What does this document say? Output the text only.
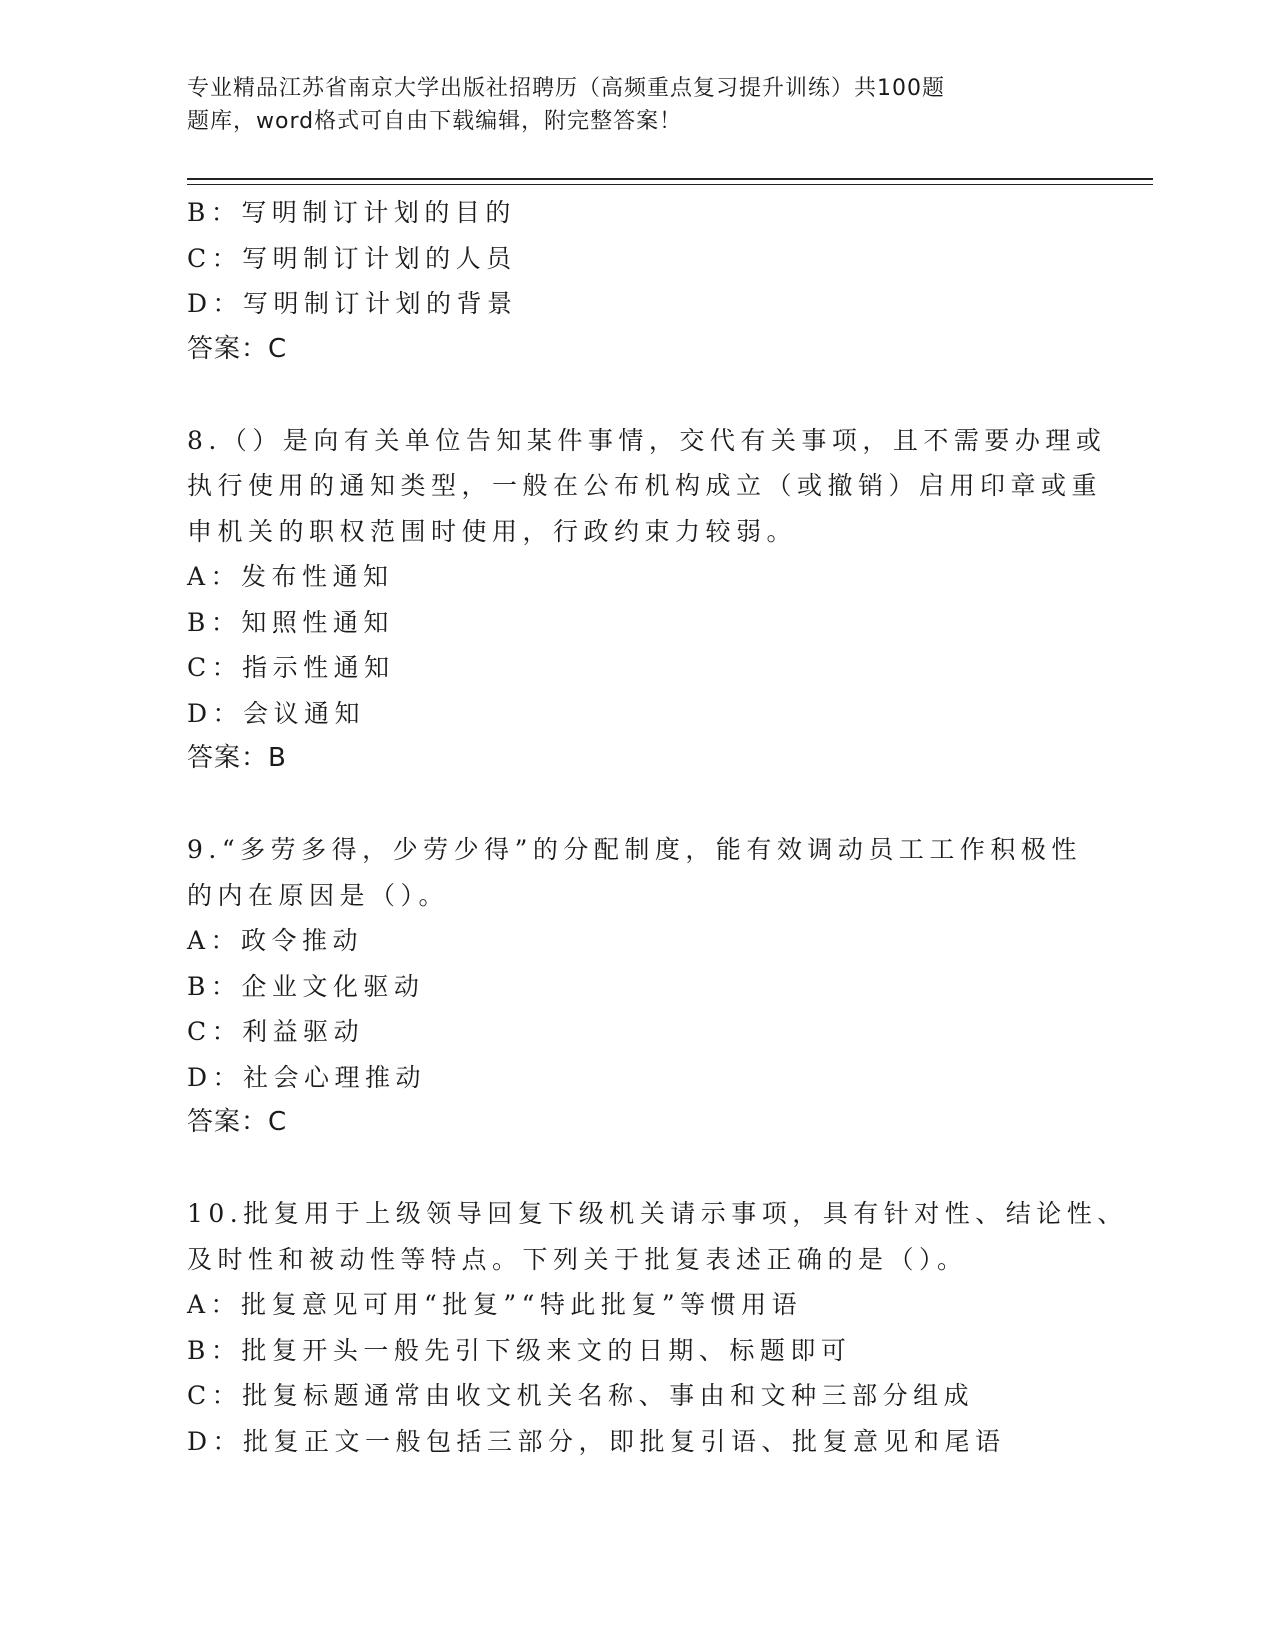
专业精品江苏省南京大学出版社招聘历（高频重点复习提升训练）共100题
题库，word格式可自由下载编辑，附完整答案！
B：写明制订计划的目的
C：写明制订计划的人员
D：写明制订计划的背景
答案：C
8.（）是向有关单位告知某件事情，交代有关事项，且不需要办理或
执行使用的通知类型，一般在公布机构成立（或撤销）启用印章或重
申机关的职权范围时使用，行政约束力较弱。
A：发布性通知
B：知照性通知
C：指示性通知
D：会议通知
答案：B
9.“多劳多得，少劳少得”的分配制度，能有效调动员工工作积极性
的内在原因是（）。
A：政令推动
B：企业文化驱动
C：利益驱动
D：社会心理推动
答案：C
10.批复用于上级领导回复下级机关请示事项，具有针对性、结论性、
及时性和被动性等特点。下列关于批复表述正确的是（）。
A：批复意见可用“批复”“特此批复”等惯用语
B：批复开头一般先引下级来文的日期、标题即可
C：批复标题通常由收文机关名称、事由和文种三部分组成
D：批复正文一般包括三部分，即批复引语、批复意见和尾语
